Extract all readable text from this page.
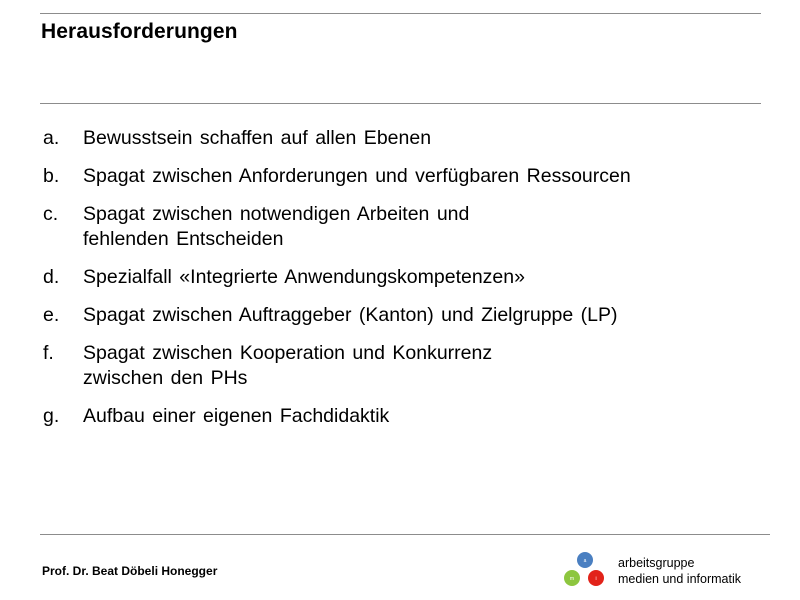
Herausforderungen
a.	Bewusstsein schaffen auf allen Ebenen
b.	Spagat zwischen Anforderungen und verfügbaren Ressourcen
c.	Spagat zwischen notwendigen Arbeiten und
fehlenden Entscheiden
d.	Spezialfall «Integrierte Anwendungskompetenzen»
e.	Spagat zwischen Auftraggeber (Kanton) und Zielgruppe (LP)
f.	Spagat zwischen Kooperation und Konkurrenz
zwischen den PHs
g.	Aufbau einer eigenen Fachdidaktik
Prof. Dr. Beat Döbeli Honegger
a
m	i
arbeitsgruppe
medien und informatik
